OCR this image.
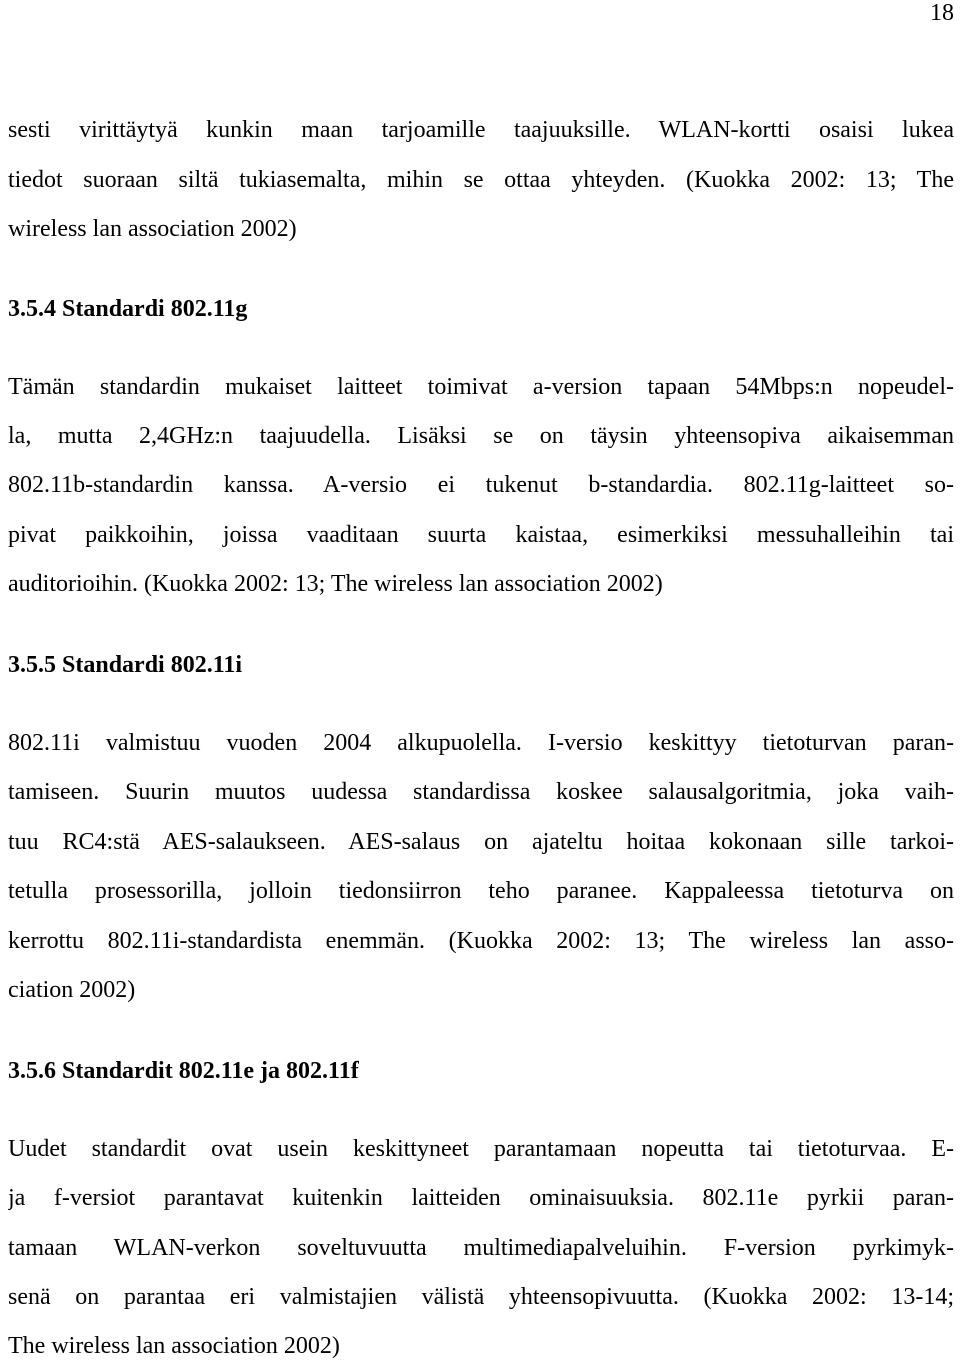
18
sesti virittäytyä kunkin maan tarjoamille taajuuksille. WLAN-kortti osaisi lukea
tiedot suoraan siltä tukiasemalta, mihin se ottaa yhteyden. (Kuokka 2002: 13; The
wireless lan association 2002)
3.5.4 Standardi 802.11g
Tämän standardin mukaiset laitteet toimivat a-version tapaan 54Mbps:n nopeudel-
la, mutta 2,4GHz:n taajuudella. Lisäksi se on täysin yhteensopiva aikaisemman
802.11b-standardin kanssa. A-versio ei tukenut b-standardia. 802.11g-laitteet so-
pivat paikkoihin, joissa vaaditaan suurta kaistaa, esimerkiksi messuhalleihin tai
auditorioihin. (Kuokka 2002: 13; The wireless lan association 2002)
3.5.5 Standardi 802.11i
802.11i valmistuu vuoden 2004 alkupuolella. I-versio keskittyy tietoturvan paran-
tamiseen. Suurin muutos uudessa standardissa koskee salausalgoritmia, joka vaih-
tuu RC4:stä AES-salaukseen. AES-salaus on ajateltu hoitaa kokonaan sille tarkoi-
tetulla prosessorilla, jolloin tiedonsiirron teho paranee. Kappaleessa tietoturva on
kerrottu 802.11i-standardista enemmän. (Kuokka 2002: 13; The wireless lan asso-
ciation 2002)
3.5.6 Standardit 802.11e ja 802.11f
Uudet standardit ovat usein keskittyneet parantamaan nopeutta tai tietoturvaa. E-
ja f-versiot parantavat kuitenkin laitteiden ominaisuuksia. 802.11e pyrkii paran-
tamaan WLAN-verkon soveltuvuutta multimediapalveluihin. F-version pyrkimyk-
senä on parantaa eri valmistajien välistä yhteensopivuutta. (Kuokka 2002: 13-14;
The wireless lan association 2002)
